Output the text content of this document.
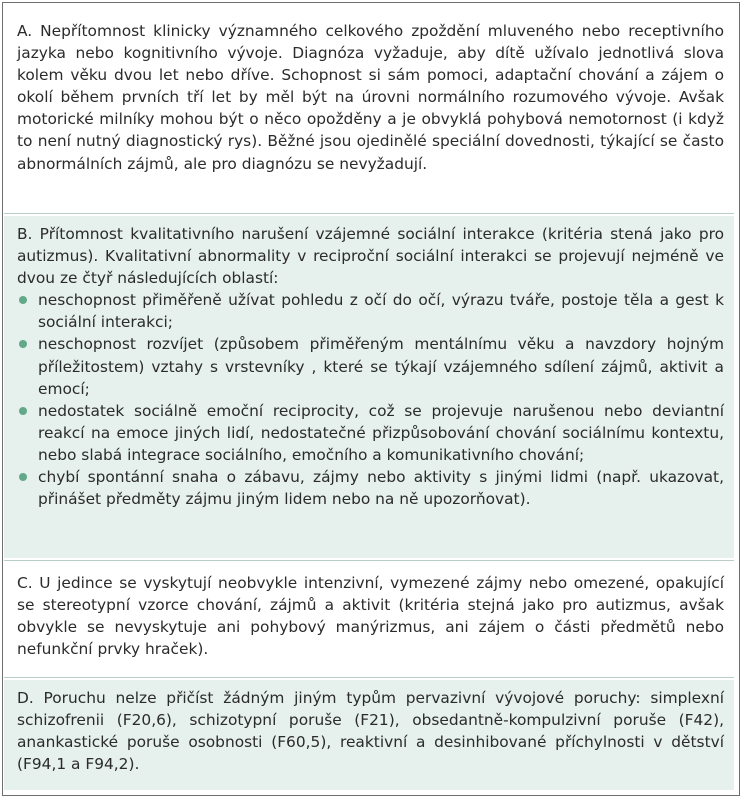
A. Nepřítomnost klinicky významného celkového zpoždění mluveného nebo receptivního jazyka nebo kognitivního vývoje. Diagnóza vyžaduje, aby dítě užívalo jednotlivá slova kolem věku dvou let nebo dříve. Schopnost si sám pomoci, adaptační chování a zájem o okolí během prvních tří let by měl být na úrovni normálního rozumového vývoje. Avšak motorické milníky mohou být o něco opožděny a je obvyklá pohybová nemotornost (i když to není nutný diagnostický rys). Běžné jsou ojedinělé speciální dovednosti, týkající se často abnormálních zájmů, ale pro diagnózu se nevyžadují.

B. Přítomnost kvalitativního narušení vzájemné sociální interakce (kritéria stená jako pro autizmus). Kvalitativní abnormality v reciproční sociální interakci se projevují nejméně ve dvou ze čtyř následujících oblastí:

neschopnost přiměřeně užívat pohledu z očí do očí, výrazu tváře, postoje těla a gest k sociální interakci;
neschopnost rozvíjet (způsobem přiměřeným mentálnímu věku a navzdory hojným příležitostem) vztahy s vrstevníky , které se týkají vzájemného sdílení zájmů, aktivit a emocí;
nedostatek sociálně emoční reciprocity, což se projevuje narušenou nebo deviantní reakcí na emoce jiných lidí, nedostatečné přizpůsobování chování sociálnímu kontextu, nebo slabá integrace sociálního, emočního a komunikativního chování;
chybí spontánní snaha o zábavu, zájmy nebo aktivity s jinými lidmi (např. ukazovat, přinášet předměty zájmu jiným lidem nebo na ně upozorňovat).

C. U jedince se vyskytují neobvykle intenzivní, vymezené zájmy nebo omezené, opakující se stereotypní vzorce chování, zájmů a aktivit (kritéria stejná jako pro autizmus, avšak obvykle se nevyskytuje ani pohybový manýrizmus, ani zájem o části předmětů nebo nefunkční prvky hraček).

D. Poruchu nelze přičíst žádným jiným typům pervazivní vývojové poruchy: simplexní schizofrenii (F20,6), schizotypní poruše (F21), obsedantně-kompulzivní poruše (F42), anankastické poruše osobnosti (F60,5), reaktivní a desinhibované příchylnosti v dětství (F94,1 a F94,2).
